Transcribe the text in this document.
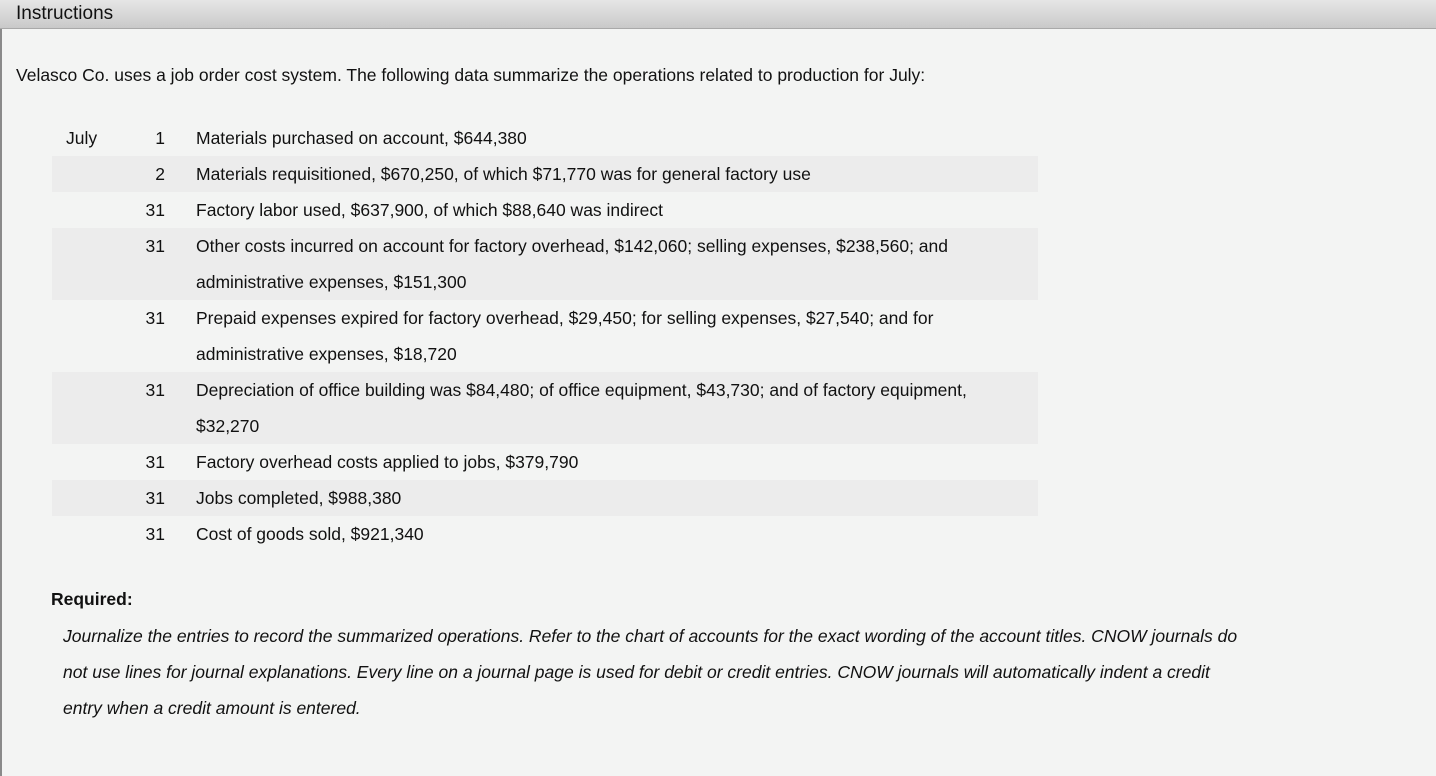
Instructions
Velasco Co. uses a job order cost system. The following data summarize the operations related to production for July:
July	1	Materials purchased on account, $644,380
2	Materials requisitioned, $670,250, of which $71,770 was for general factory use
31	Factory labor used, $637,900, of which $88,640 was indirect
31	Other costs incurred on account for factory overhead, $142,060; selling expenses, $238,560; and administrative expenses, $151,300
31	Prepaid expenses expired for factory overhead, $29,450; for selling expenses, $27,540; and for administrative expenses, $18,720
31	Depreciation of office building was $84,480; of office equipment, $43,730; and of factory equipment, $32,270
31	Factory overhead costs applied to jobs, $379,790
31	Jobs completed, $988,380
31	Cost of goods sold, $921,340
Required:
Journalize the entries to record the summarized operations. Refer to the chart of accounts for the exact wording of the account titles. CNOW journals do not use lines for journal explanations. Every line on a journal page is used for debit or credit entries. CNOW journals will automatically indent a credit entry when a credit amount is entered.
